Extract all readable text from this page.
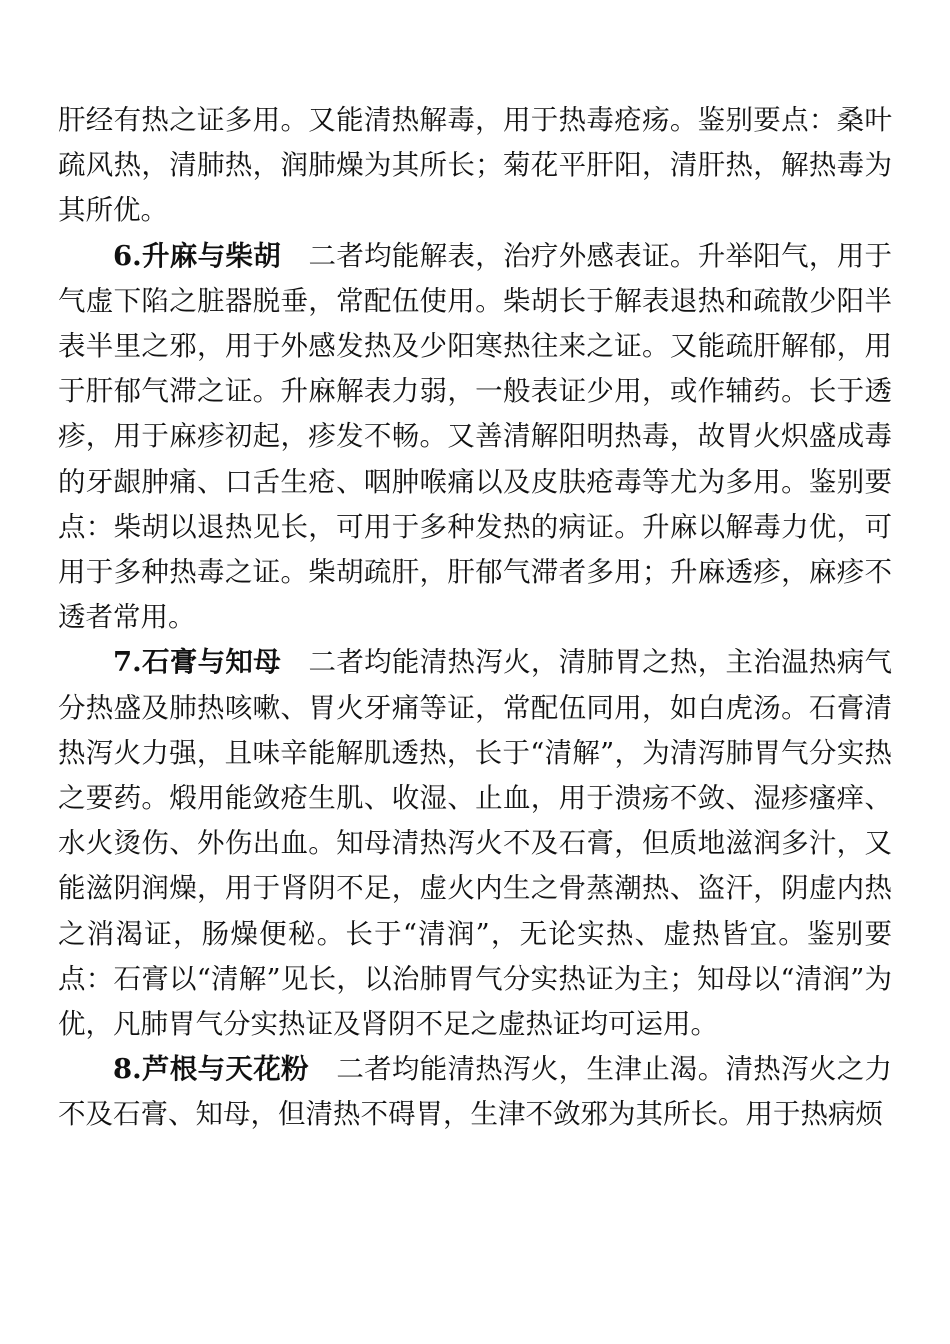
肝经有热之证多用。又能清热解毒，用于热毒疮疡。鉴别要点：桑叶疏风热，清肺热，润肺燥为其所长；菊花平肝阳，清肝热，解热毒为其所优。

6.升麻与柴胡 二者均能解表，治疗外感表证。升举阳气，用于气虚下陷之脏器脱垂，常配伍使用。柴胡长于解表退热和疏散少阳半表半里之邪，用于外感发热及少阳寒热往来之证。又能疏肝解郁，用于肝郁气滞之证。升麻解表力弱，一般表证少用，或作辅药。长于透疹，用于麻疹初起，疹发不畅。又善清解阳明热毒，故胃火炽盛成毒的牙龈肿痛、口舌生疮、咽肿喉痛以及皮肤疮毒等尤为多用。鉴别要点：柴胡以退热见长，可用于多种发热的病证。升麻以解毒力优，可用于多种热毒之证。柴胡疏肝，肝郁气滞者多用；升麻透疹，麻疹不透者常用。

7.石膏与知母 二者均能清热泻火，清肺胃之热，主治温热病气分热盛及肺热咳嗽、胃火牙痛等证，常配伍同用，如白虎汤。石膏清热泻火力强，且味辛能解肌透热，长于“清解”，为清泻肺胃气分实热之要药。煅用能敛疮生肌、收湿、止血，用于溃疡不敛、湿疹瘙痒、水火烫伤、外伤出血。知母清热泻火不及石膏，但质地滋润多汁，又能滋阴润燥，用于肾阴不足，虚火内生之骨蒸潮热、盗汗，阴虚内热之消渴证，肠燥便秘。长于“清润”，无论实热、虚热皆宜。鉴别要点：石膏以“清解”见长，以治肺胃气分实热证为主；知母以“清润”为优，凡肺胃气分实热证及肾阴不足之虚热证均可运用。

8.芦根与天花粉 二者均能清热泻火，生津止渴。清热泻火之力不及石膏、知母，但清热不碍胃，生津不敛邪为其所长。用于热病烦
